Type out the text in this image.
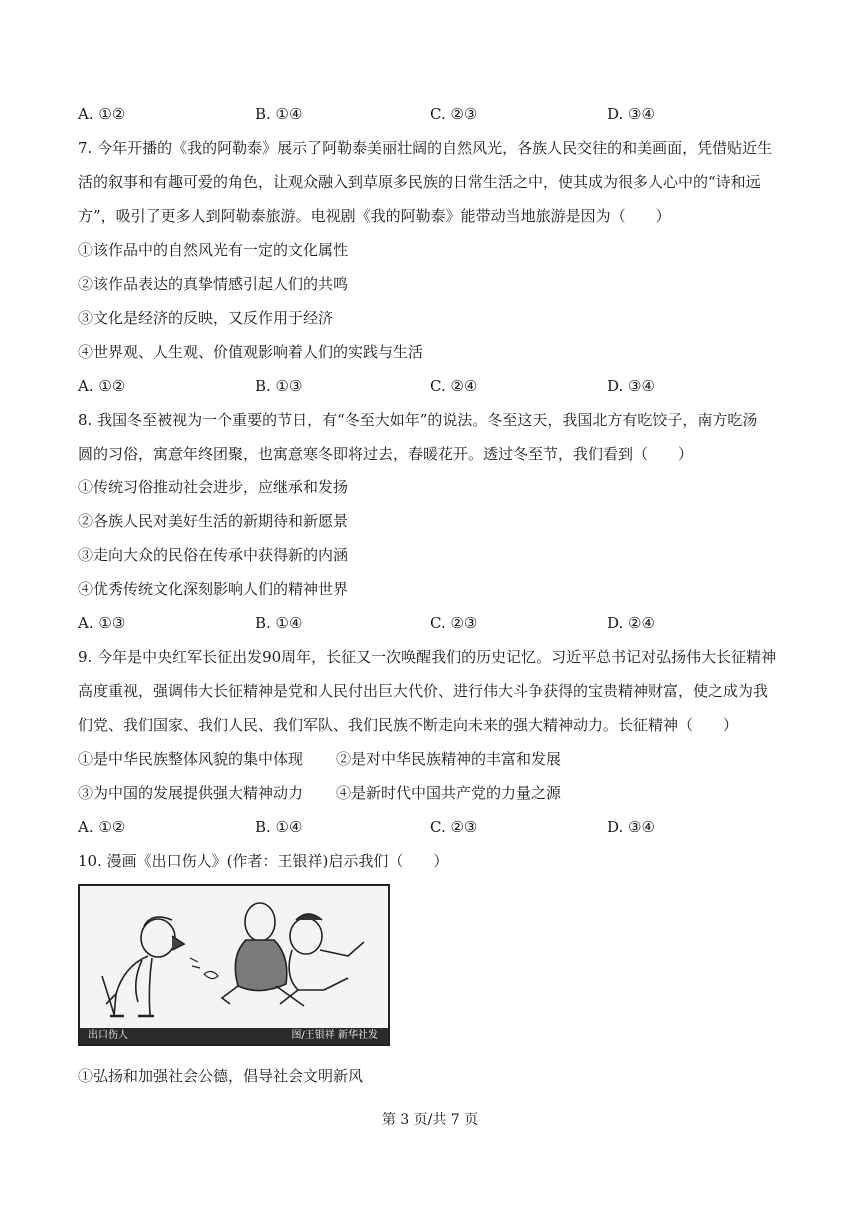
A. ①②	B. ①④	C. ②③	D. ③④
7. 今年开播的《我的阿勒泰》展示了阿勒泰美丽壮阔的自然风光，各族人民交往的和美画面，凭借贴近生
活的叙事和有趣可爱的角色，让观众融入到草原多民族的日常生活之中，使其成为很多人心中的“诗和远
方”，吸引了更多人到阿勒泰旅游。电视剧《我的阿勒泰》能带动当地旅游是因为（　　）
①该作品中的自然风光有一定的文化属性
②该作品表达的真挚情感引起人们的共鸣
③文化是经济的反映，又反作用于经济
④世界观、人生观、价值观影响着人们的实践与生活
A. ①②	B. ①③	C. ②④	D. ③④
8. 我国冬至被视为一个重要的节日，有“冬至大如年”的说法。冬至这天，我国北方有吃饺子，南方吃汤
圆的习俗，寓意年终团聚，也寓意寒冬即将过去，春暖花开。透过冬至节，我们看到（　　）
①传统习俗推动社会进步，应继承和发扬
②各族人民对美好生活的新期待和新愿景
③走向大众的民俗在传承中获得新的内涵
④优秀传统文化深刻影响人们的精神世界
A. ①③	B. ①④	C. ②③	D. ②④
9. 今年是中央红军长征出发90周年，长征又一次唤醒我们的历史记忆。习近平总书记对弘扬伟大长征精神
高度重视，强调伟大长征精神是党和人民付出巨大代价、进行伟大斗争获得的宝贵精神财富，使之成为我
们党、我们国家、我们人民、我们军队、我们民族不断走向未来的强大精神动力。长征精神（　　）
①是中华民族整体风貌的集中体现 ②是对中华民族精神的丰富和发展
③为中国的发展提供强大精神动力 ④是新时代中国共产党的力量之源
A. ①②	B. ①④	C. ②③	D. ③④
10. 漫画《出口伤人》(作者：王银祥)启示我们（　　）
出口伤人	图/王银祥 新华社发
①弘扬和加强社会公德，倡导社会文明新风
第 3 页/共 7 页
